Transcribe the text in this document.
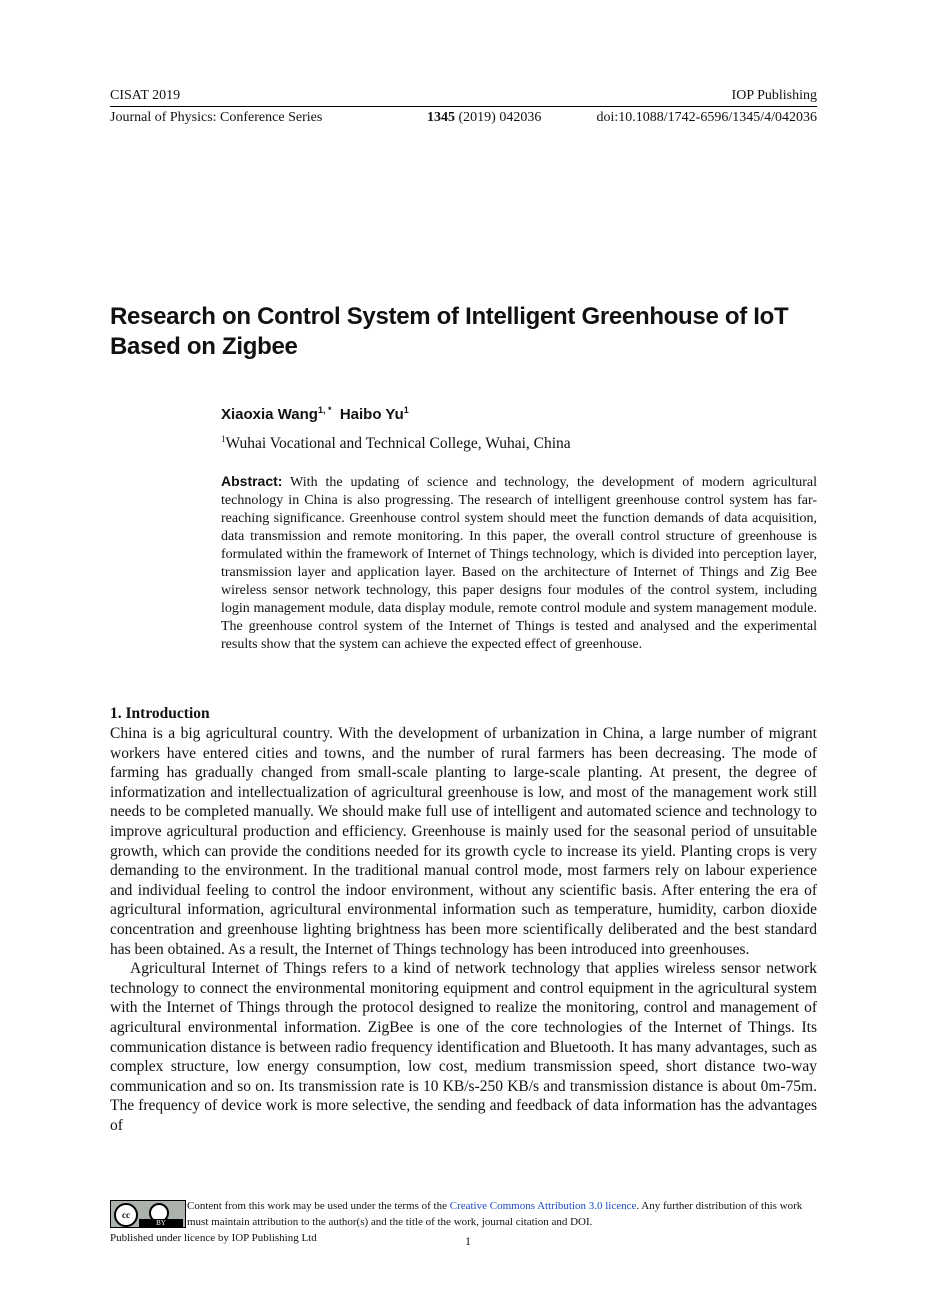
CISAT 2019	IOP Publishing
Journal of Physics: Conference Series	1345 (2019) 042036	doi:10.1088/1742-6596/1345/4/042036
Research on Control System of Intelligent Greenhouse of IoT
Based on Zigbee
Xiaoxia Wang$^{1, *}$ Haibo Yu$^1$
$^1$Wuhai Vocational and Technical College, Wuhai, China
Abstract: With the updating of science and technology, the development of modern agricultural technology in China is also progressing. The research of intelligent greenhouse control system has far-reaching significance. Greenhouse control system should meet the function demands of data acquisition, data transmission and remote monitoring. In this paper, the overall control structure of greenhouse is formulated within the framework of Internet of Things technology, which is divided into perception layer, transmission layer and application layer. Based on the architecture of Internet of Things and Zig Bee wireless sensor network technology, this paper designs four modules of the control system, including login management module, data display module, remote control module and system management module. The greenhouse control system of the Internet of Things is tested and analysed and the experimental results show that the system can achieve the expected effect of greenhouse.
1. Introduction

China is a big agricultural country. With the development of urbanization in China, a large number of migrant workers have entered cities and towns, and the number of rural farmers has been decreasing. The mode of farming has gradually changed from small-scale planting to large-scale planting. At present, the degree of informatization and intellectualization of agricultural greenhouse is low, and most of the management work still needs to be completed manually. We should make full use of intelligent and automated science and technology to improve agricultural production and efficiency. Greenhouse is mainly used for the seasonal period of unsuitable growth, which can provide the conditions needed for its growth cycle to increase its yield. Planting crops is very demanding to the environment. In the traditional manual control mode, most farmers rely on labour experience and individual feeling to control the indoor environment, without any scientific basis. After entering the era of agricultural information, agricultural environmental information such as temperature, humidity, carbon dioxide concentration and greenhouse lighting brightness has been more scientifically deliberated and the best standard has been obtained. As a result, the Internet of Things technology has been introduced into greenhouses.

Agricultural Internet of Things refers to a kind of network technology that applies wireless sensor network technology to connect the environmental monitoring equipment and control equipment in the agricultural system with the Internet of Things through the protocol designed to realize the monitoring, control and management of agricultural environmental information. ZigBee is one of the core technologies of the Internet of Things. Its communication distance is between radio frequency identification and Bluetooth. It has many advantages, such as complex structure, low energy consumption, low cost, medium transmission speed, short distance two-way communication and so on. Its transmission rate is 10 KB/s-250 KB/s and transmission distance is about 0m-75m. The frequency of device work is more selective, the sending and feedback of data information has the advantages of

cc
BY
Content from this work may be used under the terms of the Creative Commons Attribution 3.0 licence. Any further distribution of this work must maintain attribution to the author(s) and the title of the work, journal citation and DOI.
Published under licence by IOP Publishing Ltd	1
